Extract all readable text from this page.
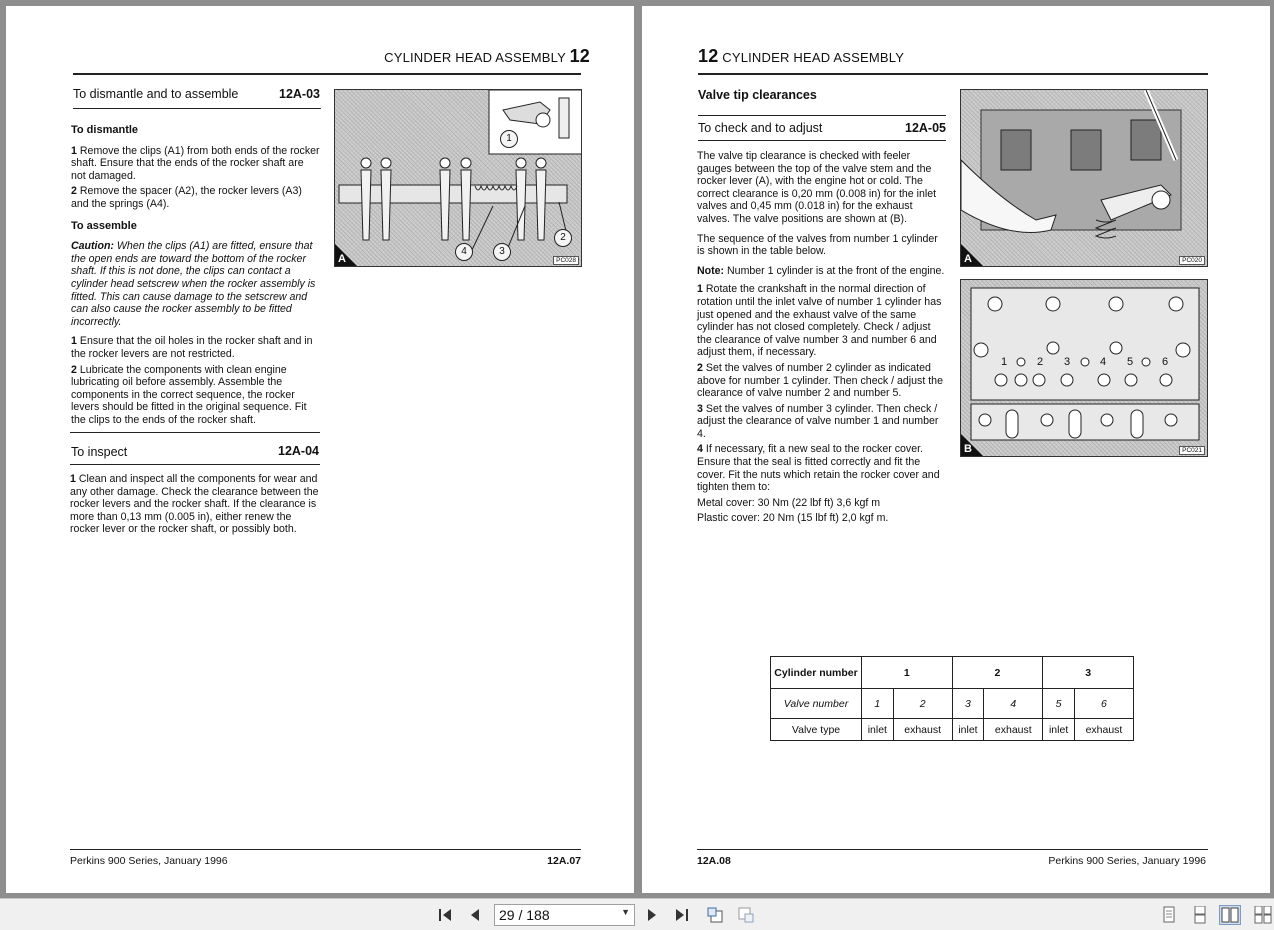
CYLINDER HEAD ASSEMBLY 12
To dismantle and to assemble	12A-03
To dismantle

1 Remove the clips (A1) from both ends of the rocker shaft. Ensure that the ends of the rocker shaft are not damaged.

2 Remove the spacer (A2), the rocker levers (A3) and the springs (A4).

To assemble

Caution: When the clips (A1) are fitted, ensure that the open ends are toward the bottom of the rocker shaft. If this is not done, the clips can contact a cylinder head setscrew when the rocker assembly is fitted. This can cause damage to the setscrew and can also cause the rocker assembly to be fitted incorrectly.

1 Ensure that the oil holes in the rocker shaft and in the rocker levers are not restricted.

2 Lubricate the components with clean engine lubricating oil before assembly. Assemble the components in the correct sequence, the rocker levers should be fitted in the original sequence. Fit the clips to the ends of the rocker shaft.

To inspect	12A-04

1 Clean and inspect all the components for wear and any other damage. Check the clearance between the rocker levers and the rocker shaft. If the clearance is more than 0,13 mm (0.005 in), either renew the rocker lever or the rocker shaft, or possibly both.

1
2
3
4
A	PC028
Perkins 900 Series, January 1996	12A.07
12 CYLINDER HEAD ASSEMBLY
Valve tip clearances
To check and to adjust	12A-05

The valve tip clearance is checked with feeler gauges between the top of the valve stem and the rocker lever (A), with the engine hot or cold. The correct clearance is 0,20 mm (0.008 in) for the inlet valves and 0,45 mm (0.018 in) for the exhaust valves. The valve positions are shown at (B).

The sequence of the valves from number 1 cylinder is shown in the table below.

Note: Number 1 cylinder is at the front of the engine.

1 Rotate the crankshaft in the normal direction of rotation until the inlet valve of number 1 cylinder has just opened and the exhaust valve of the same cylinder has not closed completely. Check / adjust the clearance of valve number 3 and number 6 and adjust them, if necessary.

2 Set the valves of number 2 cylinder as indicated above for number 1 cylinder. Then check / adjust the clearance of valve number 2 and number 5.

3 Set the valves of number 3 cylinder. Then check / adjust the clearance of valve number 1 and number 4.

4 If necessary, fit a new seal to the rocker cover. Ensure that the seal is fitted correctly and fit the cover. Fit the nuts which retain the rocker cover and tighten them to:

Metal cover: 30 Nm (22 lbf ft) 3,6 kgf m

Plastic cover: 20 Nm (15 lbf ft) 2,0 kgf m.

A	PC020
1	2 3	4 5	6
B	PC021
Cylinder number	1		2		3	
Valve number	1	2	3	4	5	6
Valve type	inlet	exhaust	inlet	exhaust	inlet	exhaust
12A.08	Perkins 900 Series, January 1996
29 / 188	▼
